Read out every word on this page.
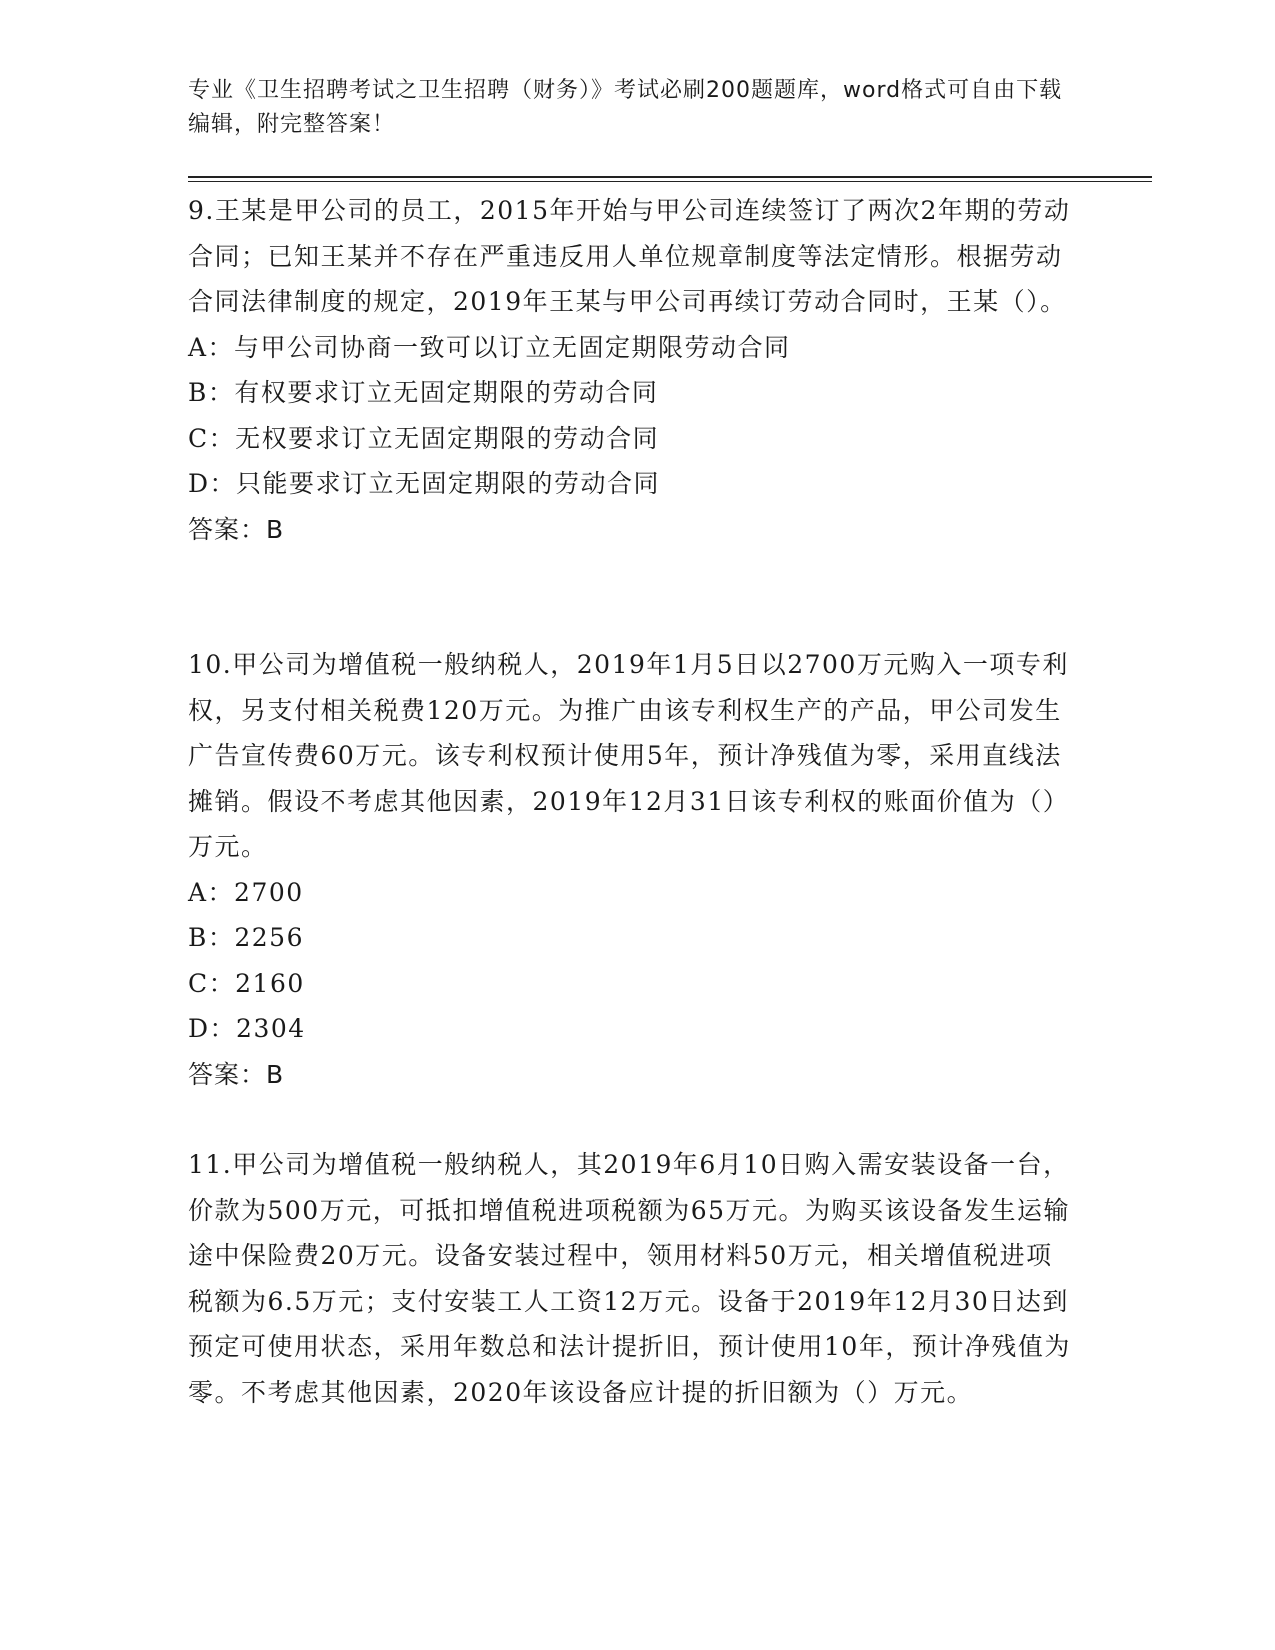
专业《卫生招聘考试之卫生招聘（财务）》考试必刷200题题库，word格式可自由下载编辑，附完整答案！
9.王某是甲公司的员工，2015年开始与甲公司连续签订了两次2年期的劳动合同；已知王某并不存在严重违反用人单位规章制度等法定情形。根据劳动合同法律制度的规定，2019年王某与甲公司再续订劳动合同时，王某（）。
A：与甲公司协商一致可以订立无固定期限劳动合同
B：有权要求订立无固定期限的劳动合同
C：无权要求订立无固定期限的劳动合同
D：只能要求订立无固定期限的劳动合同
答案：B
10.甲公司为增值税一般纳税人，2019年1月5日以2700万元购入一项专利权，另支付相关税费120万元。为推广由该专利权生产的产品，甲公司发生广告宣传费60万元。该专利权预计使用5年，预计净残值为零，采用直线法摊销。假设不考虑其他因素，2019年12月31日该专利权的账面价值为（）万元。
A：2700
B：2256
C：2160
D：2304
答案：B
11.甲公司为增值税一般纳税人，其2019年6月10日购入需安装设备一台，价款为500万元，可抵扣增值税进项税额为65万元。为购买该设备发生运输途中保险费20万元。设备安装过程中，领用材料50万元，相关增值税进项税额为6.5万元；支付安装工人工资12万元。设备于2019年12月30日达到预定可使用状态，采用年数总和法计提折旧，预计使用10年，预计净残值为零。不考虑其他因素，2020年该设备应计提的折旧额为（）万元。
